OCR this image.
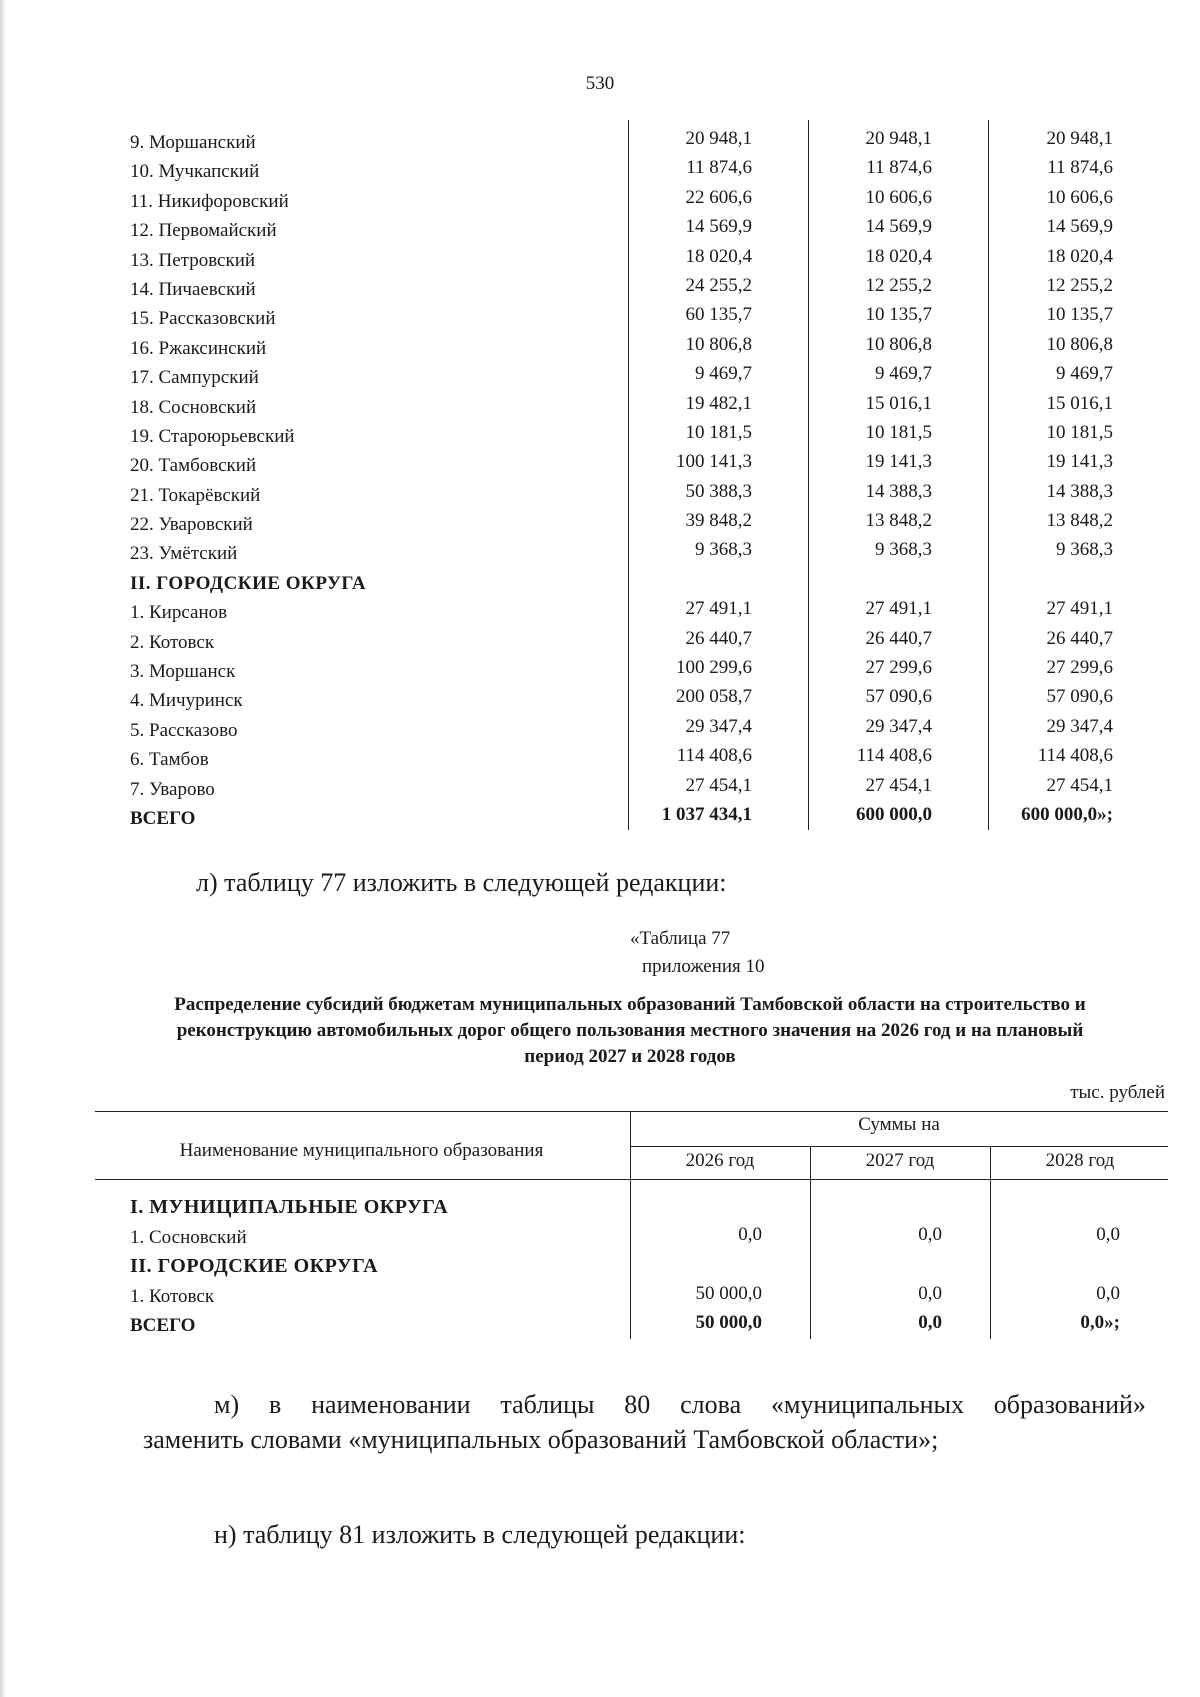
530
9. Моршанский	20 948,1	20 948,1	20 948,1
10. Мучкапский	11 874,6	11 874,6	11 874,6
11. Никифоровский	22 606,6	10 606,6	10 606,6
12. Первомайский	14 569,9	14 569,9	14 569,9
13. Петровский	18 020,4	18 020,4	18 020,4
14. Пичаевский	24 255,2	12 255,2	12 255,2
15. Рассказовский	60 135,7	10 135,7	10 135,7
16. Ржаксинский	10 806,8	10 806,8	10 806,8
17. Сампурский	9 469,7	9 469,7	9 469,7
18. Сосновский	19 482,1	15 016,1	15 016,1
19. Староюрьевский	10 181,5	10 181,5	10 181,5
20. Тамбовский	100 141,3	19 141,3	19 141,3
21. Токарёвский	50 388,3	14 388,3	14 388,3
22. Уваровский	39 848,2	13 848,2	13 848,2
23. Умётский	9 368,3	9 368,3	9 368,3
II. ГОРОДСКИЕ ОКРУГА
1. Кирсанов	27 491,1	27 491,1	27 491,1
2. Котовск	26 440,7	26 440,7	26 440,7
3. Моршанск	100 299,6	27 299,6	27 299,6
4. Мичуринск	200 058,7	57 090,6	57 090,6
5. Рассказово	29 347,4	29 347,4	29 347,4
6. Тамбов	114 408,6	114 408,6	114 408,6
7. Уварово	27 454,1	27 454,1	27 454,1
ВСЕГО	1 037 434,1	600 000,0	600 000,0»;
л) таблицу 77 изложить в следующей редакции:
«Таблица 77
приложения 10
Распределение субсидий бюджетам муниципальных образований Тамбовской области на строительство и реконструкцию автомобильных дорог общего пользования местного значения на 2026 год и на плановый период 2027 и 2028 годов
тыс. рублей
Наименование муниципального образования
Суммы на
2026 год	2027 год	2028 год
I. МУНИЦИПАЛЬНЫЕ ОКРУГА
1. Сосновский	0,0	0,0	0,0
II. ГОРОДСКИЕ ОКРУГА
1. Котовск	50 000,0	0,0	0,0
ВСЕГО	50 000,0	0,0	0,0»;
м) в наименовании таблицы 80 слова «муниципальных образований»
заменить словами «муниципальных образований Тамбовской области»;
н) таблицу 81 изложить в следующей редакции:
